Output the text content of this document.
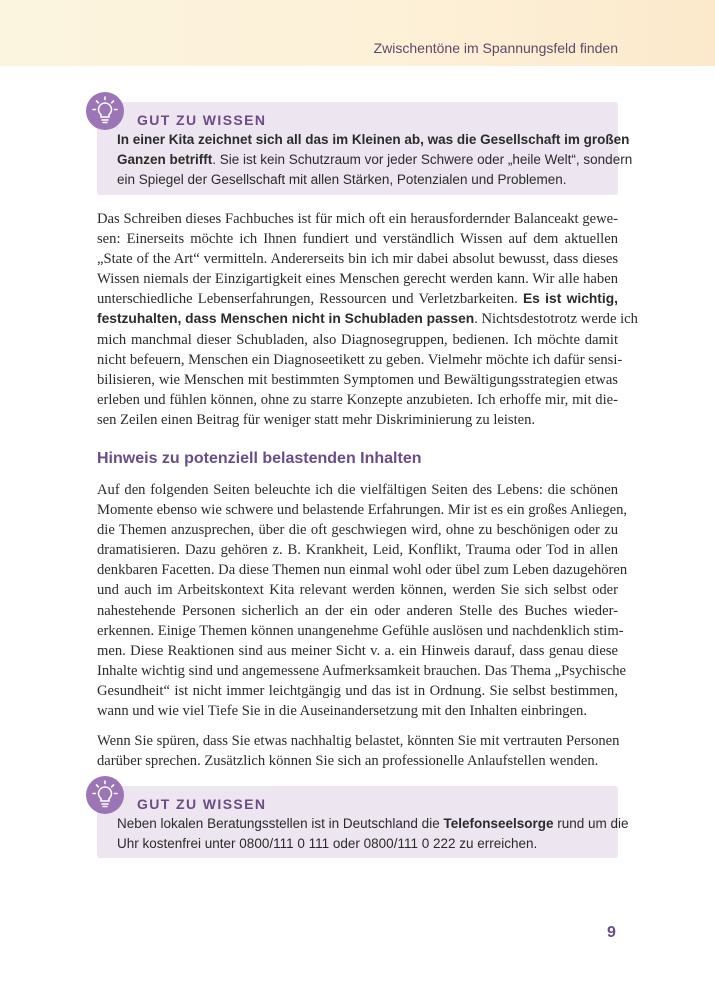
Zwischentöne im Spannungsfeld finden
GUT ZU WISSEN
In einer Kita zeichnet sich all das im Kleinen ab, was die Gesellschaft im großen
Ganzen betrifft. Sie ist kein Schutzraum vor jeder Schwere oder „heile Welt“, sondern
ein Spiegel der Gesellschaft mit allen Stärken, Potenzialen und Problemen.
Das Schreiben dieses Fachbuches ist für mich oft ein herausfordernder Balanceakt gewe-
sen: Einerseits möchte ich Ihnen fundiert und verständlich Wissen auf dem aktuellen
„State of the Art“ vermitteln. Andererseits bin ich mir dabei absolut bewusst, dass dieses
Wissen niemals der Einzigartigkeit eines Menschen gerecht werden kann. Wir alle haben
unterschiedliche Lebenserfahrungen, Ressourcen und Verletzbarkeiten. Es ist wichtig,
festzuhalten, dass Menschen nicht in Schubladen passen. Nichtsdestotrotz werde ich
mich manchmal dieser Schubladen, also Diagnosegruppen, bedienen. Ich möchte damit
nicht befeuern, Menschen ein Diagnoseetikett zu geben. Vielmehr möchte ich dafür sensi-
bilisieren, wie Menschen mit bestimmten Symptomen und Bewältigungsstrategien etwas
erleben und fühlen können, ohne zu starre Konzepte anzubieten. Ich erhoffe mir, mit die-
sen Zeilen einen Beitrag für weniger statt mehr Diskriminierung zu leisten.
Hinweis zu potenziell belastenden Inhalten
Auf den folgenden Seiten beleuchte ich die vielfältigen Seiten des Lebens: die schönen
Momente ebenso wie schwere und belastende Erfahrungen. Mir ist es ein großes Anliegen,
die Themen anzusprechen, über die oft geschwiegen wird, ohne zu beschönigen oder zu
dramatisieren. Dazu gehören z. B. Krankheit, Leid, Konflikt, Trauma oder Tod in allen
denkbaren Facetten. Da diese Themen nun einmal wohl oder übel zum Leben dazugehören
und auch im Arbeitskontext Kita relevant werden können, werden Sie sich selbst oder
nahestehende Personen sicherlich an der ein oder anderen Stelle des Buches wieder-
erkennen. Einige Themen können unangenehme Gefühle auslösen und nachdenklich stim-
men. Diese Reaktionen sind aus meiner Sicht v. a. ein Hinweis darauf, dass genau diese
Inhalte wichtig sind und angemessene Aufmerksamkeit brauchen. Das Thema „Psychische
Gesundheit“ ist nicht immer leichtgängig und das ist in Ordnung. Sie selbst bestimmen,
wann und wie viel Tiefe Sie in die Auseinandersetzung mit den Inhalten einbringen.
Wenn Sie spüren, dass Sie etwas nachhaltig belastet, könnten Sie mit vertrauten Personen
darüber sprechen. Zusätzlich können Sie sich an professionelle Anlaufstellen wenden.
GUT ZU WISSEN
Neben lokalen Beratungsstellen ist in Deutschland die Telefonseelsorge rund um die
Uhr kostenfrei unter 0800/111 0 111 oder 0800/111 0 222 zu erreichen.
9
